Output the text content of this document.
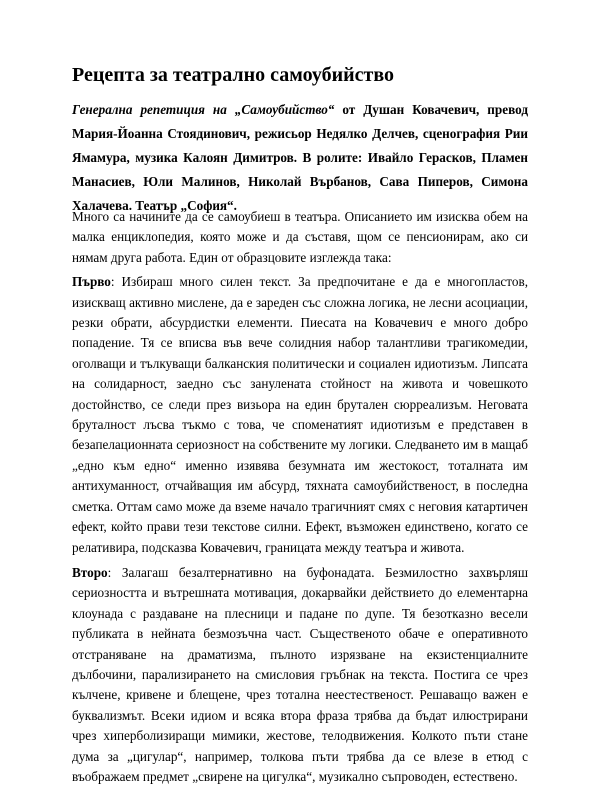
Рецепта за театрално самоубийство

Генерална репетиция на „Самоубийство“ от Душан Ковачевич, превод Мария-Йоанна Стоядинович, режисьор Недялко Делчев, сценография Рии Ямамура, музика Калоян Димитров. В ролите: Ивайло Герасков, Пламен Манасиев, Юли Малинов, Николай Върбанов, Сава Пиперов, Симона Халачева. Театър „София“.

Много са начините да се самоубиеш в театъра. Описанието им изисква обем на малка енциклопедия, която може и да съставя, щом се пенсионирам, ако си нямам друга работа. Един от образцовите изглежда така:

Първо: Избираш много силен текст. За предпочитане е да е многопластов, изискващ активно мислене, да е зареден със сложна логика, не лесни асоциации, резки обрати, абсурдистки елементи. Пиесата на Ковачевич е много добро попадение. Тя се вписва във вече солидния набор талантливи трагикомедии, оголващи и тълкуващи балканския политически и социален идиотизъм. Липсата на солидарност, заедно със занулената стойност на живота и човешкото достойнство, се следи през визьора на един брутален сюрреализъм. Неговата бруталност лъсва тъкмо с това, че споменатият идиотизъм е представен в безапелационната сериозност на собствените му логики. Следването им в мащаб „едно към едно“ именно изявява безумната им жестокост, тоталната им антихуманност, отчайващия им абсурд, тяхната самоубийственост, в последна сметка. Оттам само може да вземе начало трагичният смях с неговия катартичен ефект, който прави тези текстове силни. Ефект, възможен единствено, когато се релативира, подсказва Ковачевич, границата между театъра и живота.

Второ: Залагаш безалтернативно на буфонадата. Безмилостно захвърляш сериозността и вътрешната мотивация, докарвайки действието до елементарна клоунада с раздаване на плесници и падане по дупе. Тя безотказно весели публиката в нейната безмозъчна част. Същественото обаче е оперативното отстраняване на драматизма, пълното изрязване на екзистенциалните дълбочини, парализирането на смисловия гръбнак на текста. Постига се чрез кълчене, кривене и блещене, чрез тотална неестественост. Решаващо важен е буквализмът. Всеки идиом и всяка втора фраза трябва да бъдат илюстрирани чрез хиперболизиращи мимики, жестове, телодвижения. Колкото пъти стане дума за „цигулар“, например, толкова пъти трябва да се влезе в етюд с въображаем предмет „свирене на цигулка“, музикално съпроводен, естествено.
